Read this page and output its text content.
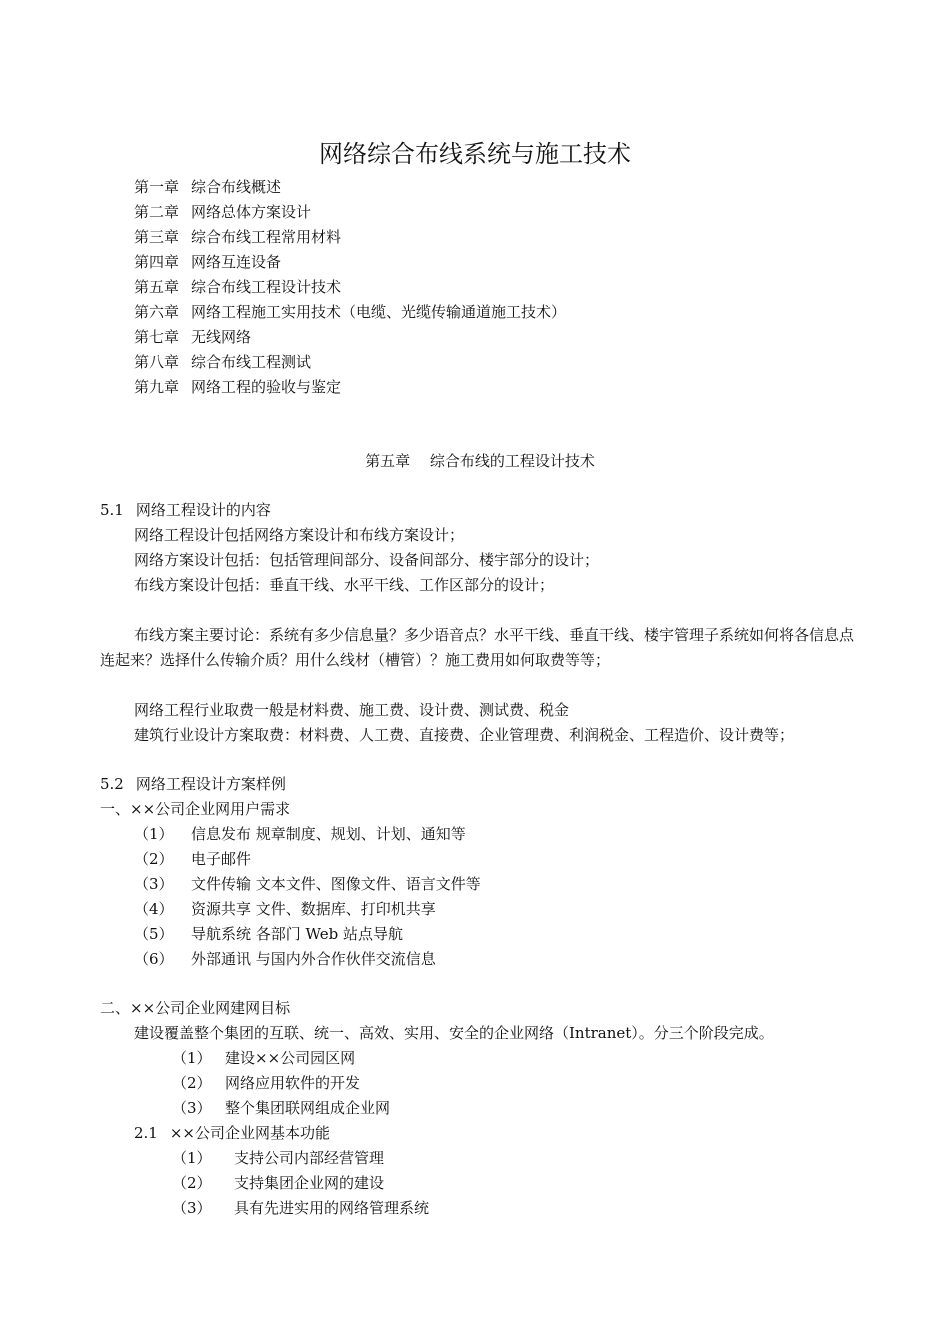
网络综合布线系统与施工技术
第一章 综合布线概述
第二章 网络总体方案设计
第三章 综合布线工程常用材料
第四章 网络互连设备
第五章 综合布线工程设计技术
第六章 网络工程施工实用技术（电缆、光缆传输通道施工技术）
第七章 无线网络
第八章 综合布线工程测试
第九章 网络工程的验收与鉴定
第五章　 综合布线的工程设计技术
5.1 网络工程设计的内容
网络工程设计包括网络方案设计和布线方案设计；
网络方案设计包括：包括管理间部分、设备间部分、楼宇部分的设计；
布线方案设计包括：垂直干线、水平干线、工作区部分的设计；
布线方案主要讨论：系统有多少信息量？多少语音点？水平干线、垂直干线、楼宇管理子系统如何将各信息点连起来？选择什么传输介质？用什么线材（槽管）？施工费用如何取费等等；
网络工程行业取费一般是材料费、施工费、设计费、测试费、税金
建筑行业设计方案取费：材料费、人工费、直接费、企业管理费、利润税金、工程造价、设计费等；
5.2 网络工程设计方案样例
一、××公司企业网用户需求
（1） 信息发布 规章制度、规划、计划、通知等
（2） 电子邮件
（3） 文件传输 文本文件、图像文件、语言文件等
（4） 资源共享 文件、数据库、打印机共享
（5） 导航系统 各部门 Web 站点导航
（6） 外部通讯 与国内外合作伙伴交流信息
二、××公司企业网建网目标
建设覆盖整个集团的互联、统一、高效、实用、安全的企业网络（Intranet）。分三个阶段完成。
（1） 建设××公司园区网
（2） 网络应用软件的开发
（3） 整个集团联网组成企业网
2.1 ××公司企业网基本功能
（1） 支持公司内部经营管理
（2） 支持集团企业网的建设
（3） 具有先进实用的网络管理系统
